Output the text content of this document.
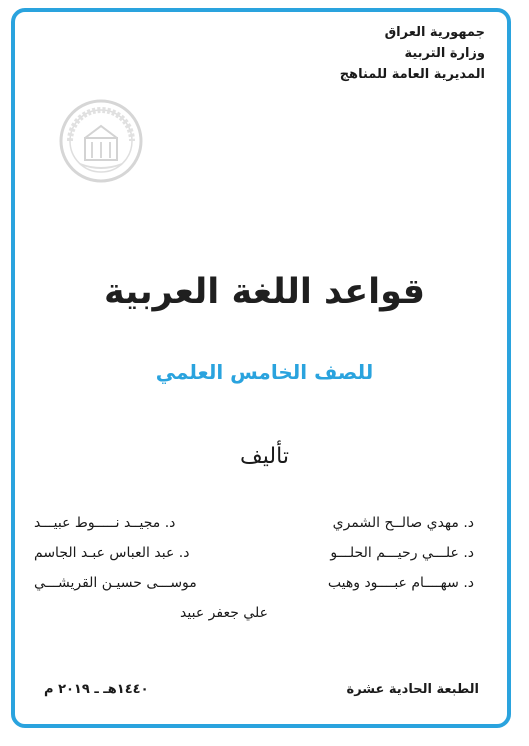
جمهورية العراق
وزارة التربية
المديرية العامة للمناهج
قواعد اللغة العربية
للصف الخامس العلمي
تأليف
د. مهدي صالــح الشمري
د. مجيــد نـــــوط عبيـــد
د. علـــي رحيـــم الحلـــو
د. عبد العباس عبـد الجاسم
د. سهــــام عبــــود وهيب
موســـى حسيـن القريشـــي
علي جعفر عبيد
الطبعة الحادية عشرة
١٤٤٠هـ ـ ٢٠١٩ م
